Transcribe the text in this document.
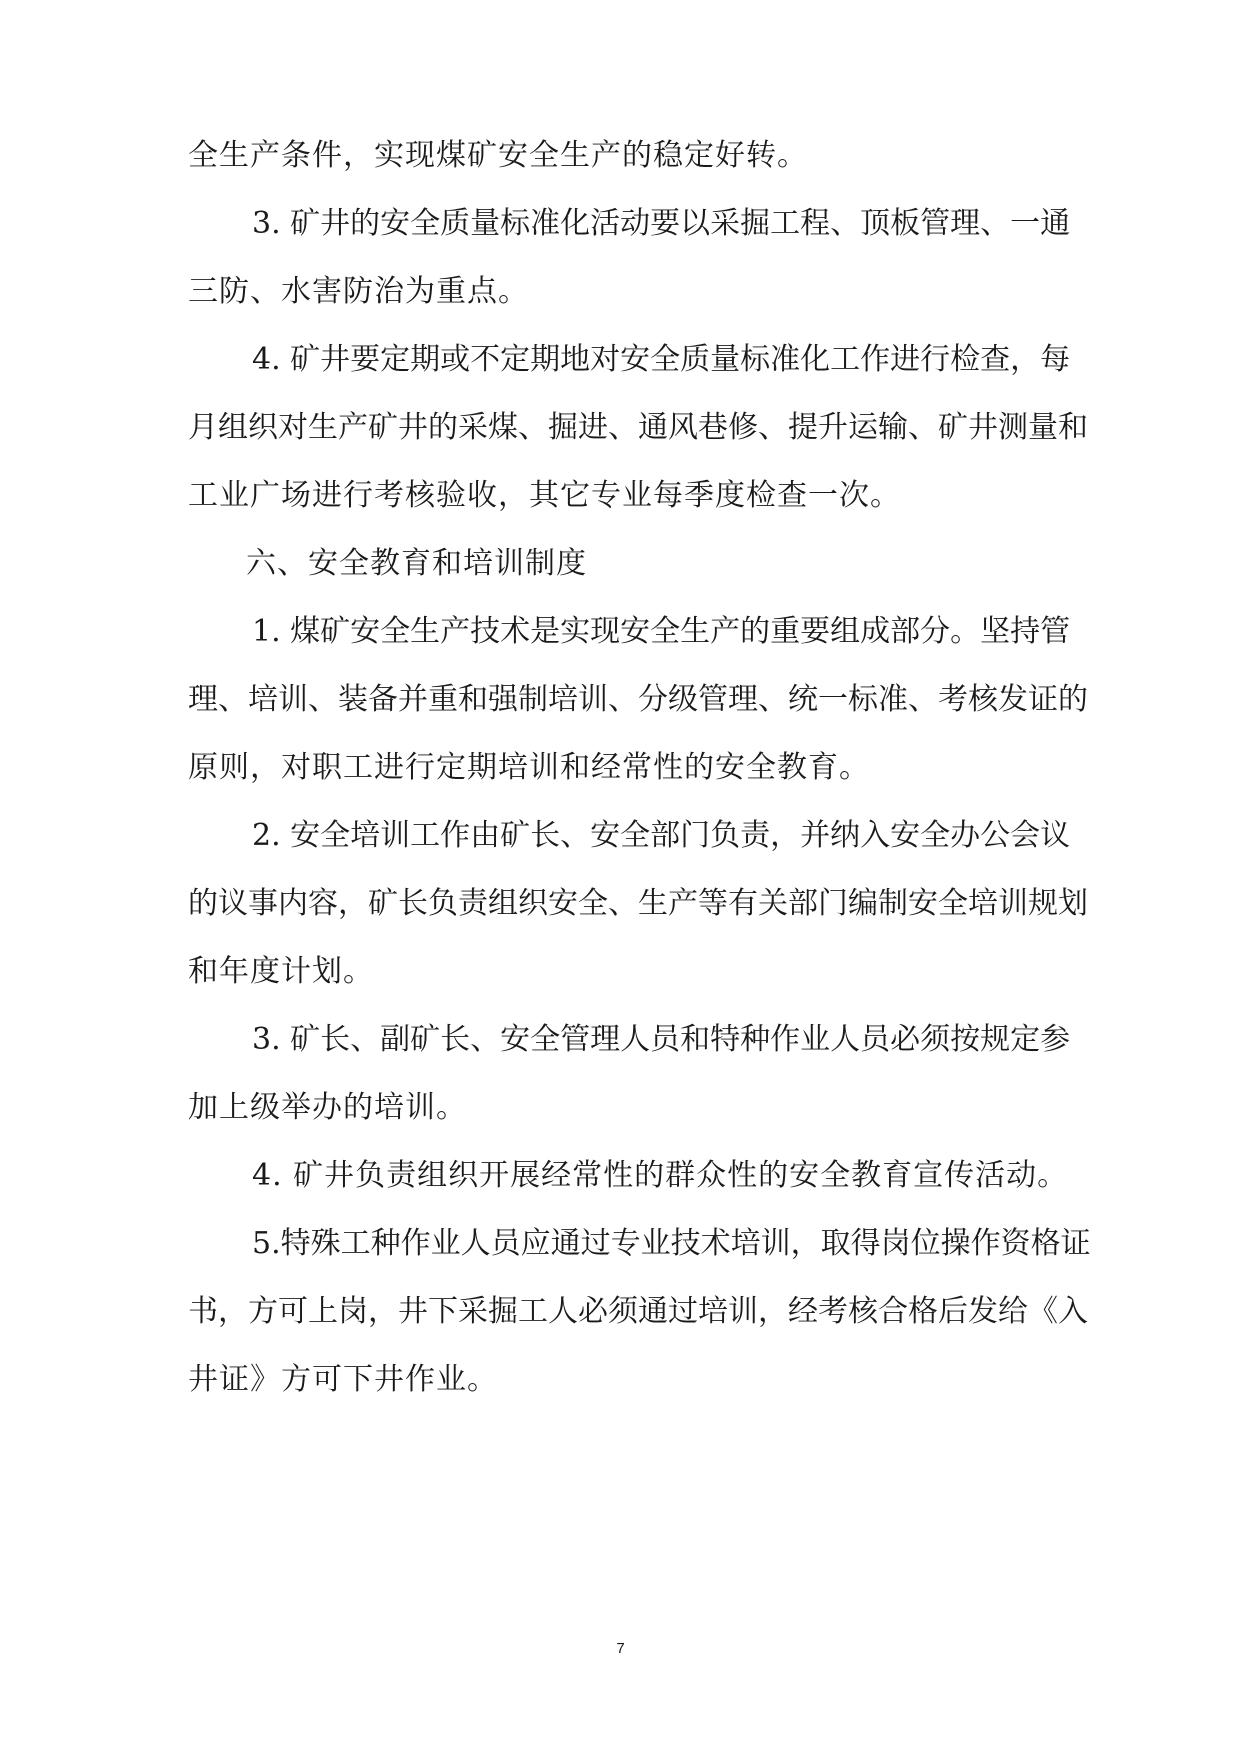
全生产条件，实现煤矿安全生产的稳定好转。
3. 矿井的安全质量标准化活动要以采掘工程、顶板管理、一通
三防、水害防治为重点。
4. 矿井要定期或不定期地对安全质量标准化工作进行检查，每
月组织对生产矿井的采煤、掘进、通风巷修、提升运输、矿井测量和
工业广场进行考核验收，其它专业每季度检查一次。
六、安全教育和培训制度
1. 煤矿安全生产技术是实现安全生产的重要组成部分。坚持管
理、培训、装备并重和强制培训、分级管理、统一标准、考核发证的
原则，对职工进行定期培训和经常性的安全教育。
2. 安全培训工作由矿长、安全部门负责，并纳入安全办公会议
的议事内容，矿长负责组织安全、生产等有关部门编制安全培训规划
和年度计划。
3. 矿长、副矿长、安全管理人员和特种作业人员必须按规定参
加上级举办的培训。
4. 矿井负责组织开展经常性的群众性的安全教育宣传活动。
5.特殊工种作业人员应通过专业技术培训，取得岗位操作资格证
书，方可上岗，井下采掘工人必须通过培训，经考核合格后发给《入
井证》方可下井作业。
7
